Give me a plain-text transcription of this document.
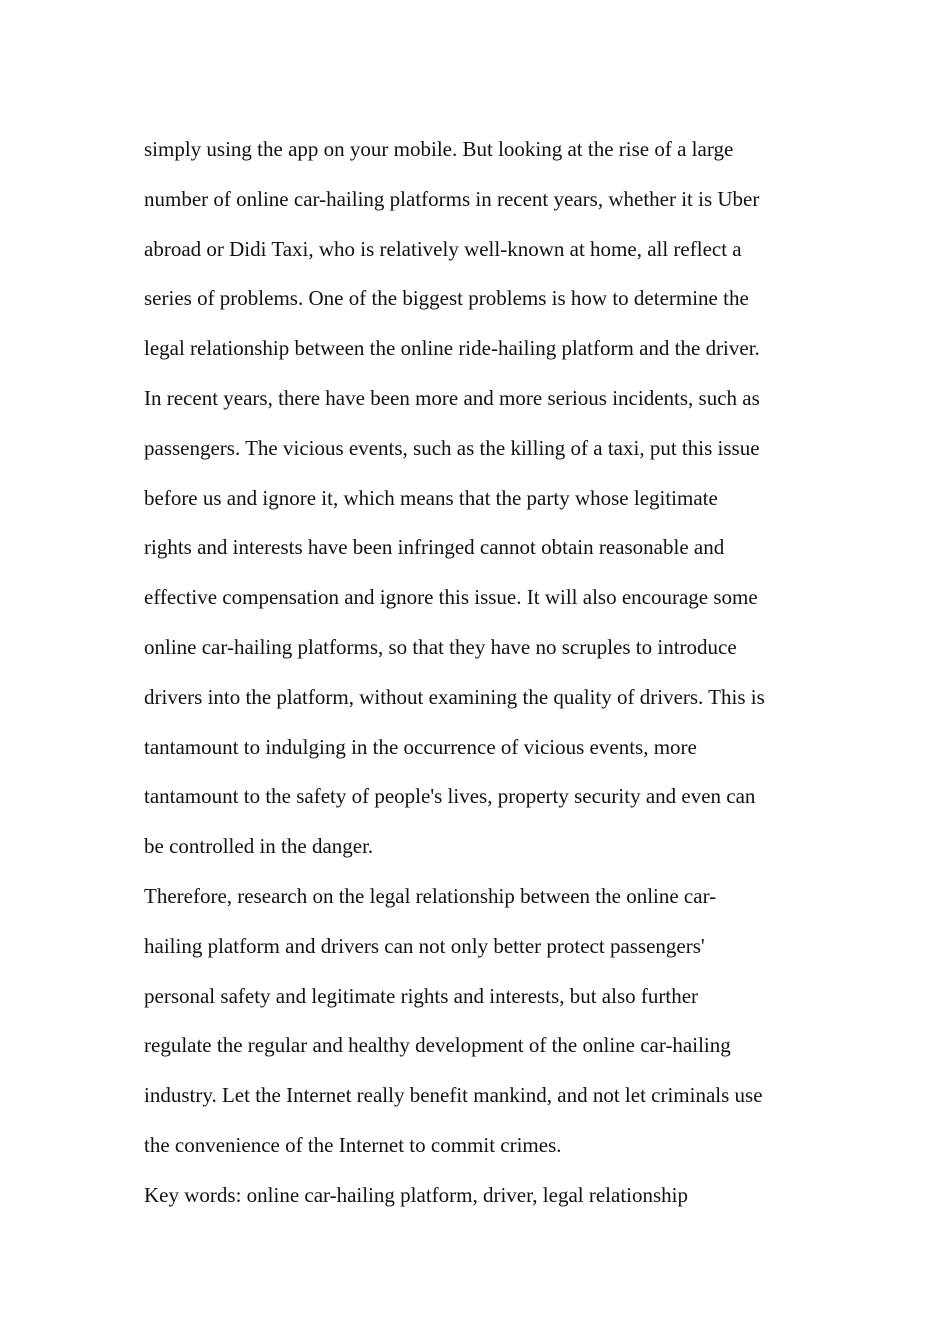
simply using the app on your mobile. But looking at the rise of a large
number of online car-hailing platforms in recent years, whether it is Uber
abroad or Didi Taxi, who is relatively well-known at home, all reflect a
series of problems. One of the biggest problems is how to determine the
legal relationship between the online ride-hailing platform and the driver.
In recent years, there have been more and more serious incidents, such as
passengers. The vicious events, such as the killing of a taxi, put this issue
before us and ignore it, which means that the party whose legitimate
rights and interests have been infringed cannot obtain reasonable and
effective compensation and ignore this issue. It will also encourage some
online car-hailing platforms, so that they have no scruples to introduce
drivers into the platform, without examining the quality of drivers. This is
tantamount to indulging in the occurrence of vicious events, more
tantamount to the safety of people's lives, property security and even can
be controlled in the danger.
Therefore, research on the legal relationship between the online car-
hailing platform and drivers can not only better protect passengers'
personal safety and legitimate rights and interests, but also further
regulate the regular and healthy development of the online car-hailing
industry. Let the Internet really benefit mankind, and not let criminals use
the convenience of the Internet to commit crimes.
Key words: online car-hailing platform, driver, legal relationship
